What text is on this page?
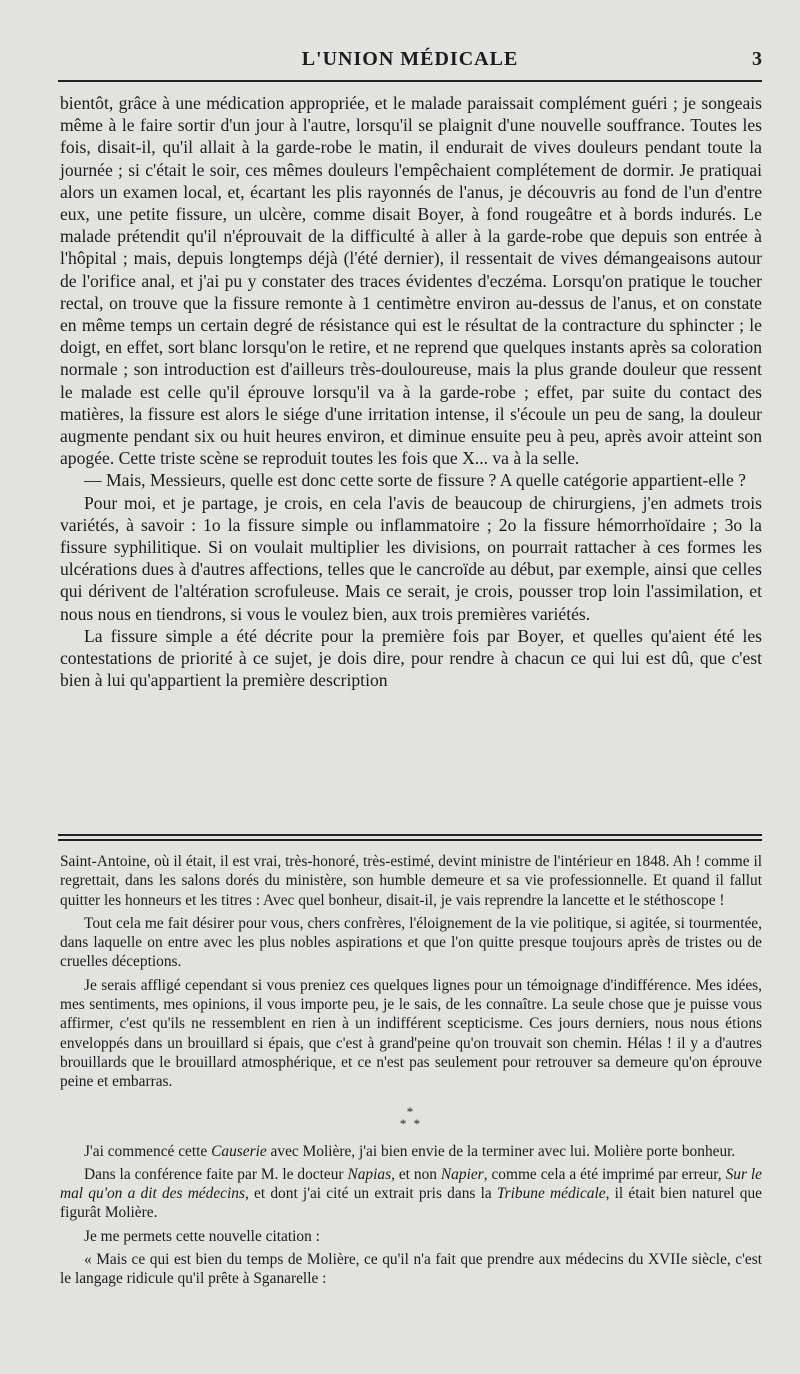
L'UNION MÉDICALE	3

bientôt, grâce à une médication appropriée, et le malade paraissait complément guéri ; je songeais même à le faire sortir d'un jour à l'autre, lorsqu'il se plaignit d'une nouvelle souffrance. Toutes les fois, disait-il, qu'il allait à la garde-robe le matin, il endurait de vives douleurs pendant toute la journée ; si c'était le soir, ces mêmes douleurs l'empêchaient complétement de dormir. Je pratiquai alors un examen local, et, écartant les plis rayonnés de l'anus, je découvris au fond de l'un d'entre eux, une petite fissure, un ulcère, comme disait Boyer, à fond rougeâtre et à bords indurés. Le malade prétendit qu'il n'éprouvait de la difficulté à aller à la garde-robe que depuis son entrée à l'hôpital ; mais, depuis longtemps déjà (l'été dernier), il ressentait de vives démangeaisons autour de l'orifice anal, et j'ai pu y constater des traces évidentes d'eczéma. Lorsqu'on pratique le toucher rectal, on trouve que la fissure remonte à 1 centimètre environ au-dessus de l'anus, et on constate en même temps un certain degré de résistance qui est le résultat de la contracture du sphincter ; le doigt, en effet, sort blanc lorsqu'on le retire, et ne reprend que quelques instants après sa coloration normale ; son introduction est d'ailleurs très-douloureuse, mais la plus grande douleur que ressent le malade est celle qu'il éprouve lorsqu'il va à la garde-robe ; effet, par suite du contact des matières, la fissure est alors le siége d'une irritation intense, il s'écoule un peu de sang, la douleur augmente pendant six ou huit heures environ, et diminue ensuite peu à peu, après avoir atteint son apogée. Cette triste scène se reproduit toutes les fois que X... va à la selle.

— Mais, Messieurs, quelle est donc cette sorte de fissure ? A quelle catégorie appartient-elle ?

Pour moi, et je partage, je crois, en cela l'avis de beaucoup de chirurgiens, j'en admets trois variétés, à savoir : 1o la fissure simple ou inflammatoire ; 2o la fissure hémorrhoïdaire ; 3o la fissure syphilitique. Si on voulait multiplier les divisions, on pourrait rattacher à ces formes les ulcérations dues à d'autres affections, telles que le cancroïde au début, par exemple, ainsi que celles qui dérivent de l'altération scrofuleuse. Mais ce serait, je crois, pousser trop loin l'assimilation, et nous nous en tiendrons, si vous le voulez bien, aux trois premières variétés.

La fissure simple a été décrite pour la première fois par Boyer, et quelles qu'aient été les contestations de priorité à ce sujet, je dois dire, pour rendre à chacun ce qui lui est dû, que c'est bien à lui qu'appartient la première description

Saint-Antoine, où il était, il est vrai, très-honoré, très-estimé, devint ministre de l'intérieur en 1848. Ah ! comme il regrettait, dans les salons dorés du ministère, son humble demeure et sa vie professionnelle. Et quand il fallut quitter les honneurs et les titres : Avec quel bonheur, disait-il, je vais reprendre la lancette et le stéthoscope !

Tout cela me fait désirer pour vous, chers confrères, l'éloignement de la vie politique, si agitée, si tourmentée, dans laquelle on entre avec les plus nobles aspirations et que l'on quitte presque toujours après de tristes ou de cruelles déceptions.

Je serais affligé cependant si vous preniez ces quelques lignes pour un témoignage d'indifférence. Mes idées, mes sentiments, mes opinions, il vous importe peu, je le sais, de les connaître. La seule chose que je puisse vous affirmer, c'est qu'ils ne ressemblent en rien à un indifférent scepticisme. Ces jours derniers, nous nous étions enveloppés dans un brouillard si épais, que c'est à grand'peine qu'on trouvait son chemin. Hélas ! il y a d'autres brouillards que le brouillard atmosphérique, et ce n'est pas seulement pour retrouver sa demeure qu'on éprouve peine et embarras.

*
* *

J'ai commencé cette Causerie avec Molière, j'ai bien envie de la terminer avec lui. Molière porte bonheur.

Dans la conférence faite par M. le docteur Napias, et non Napier, comme cela a été imprimé par erreur, Sur le mal qu'on a dit des médecins, et dont j'ai cité un extrait pris dans la Tribune médicale, il était bien naturel que figurât Molière.

Je me permets cette nouvelle citation :

« Mais ce qui est bien du temps de Molière, ce qu'il n'a fait que prendre aux médecins du XVIIe siècle, c'est le langage ridicule qu'il prête à Sganarelle :
